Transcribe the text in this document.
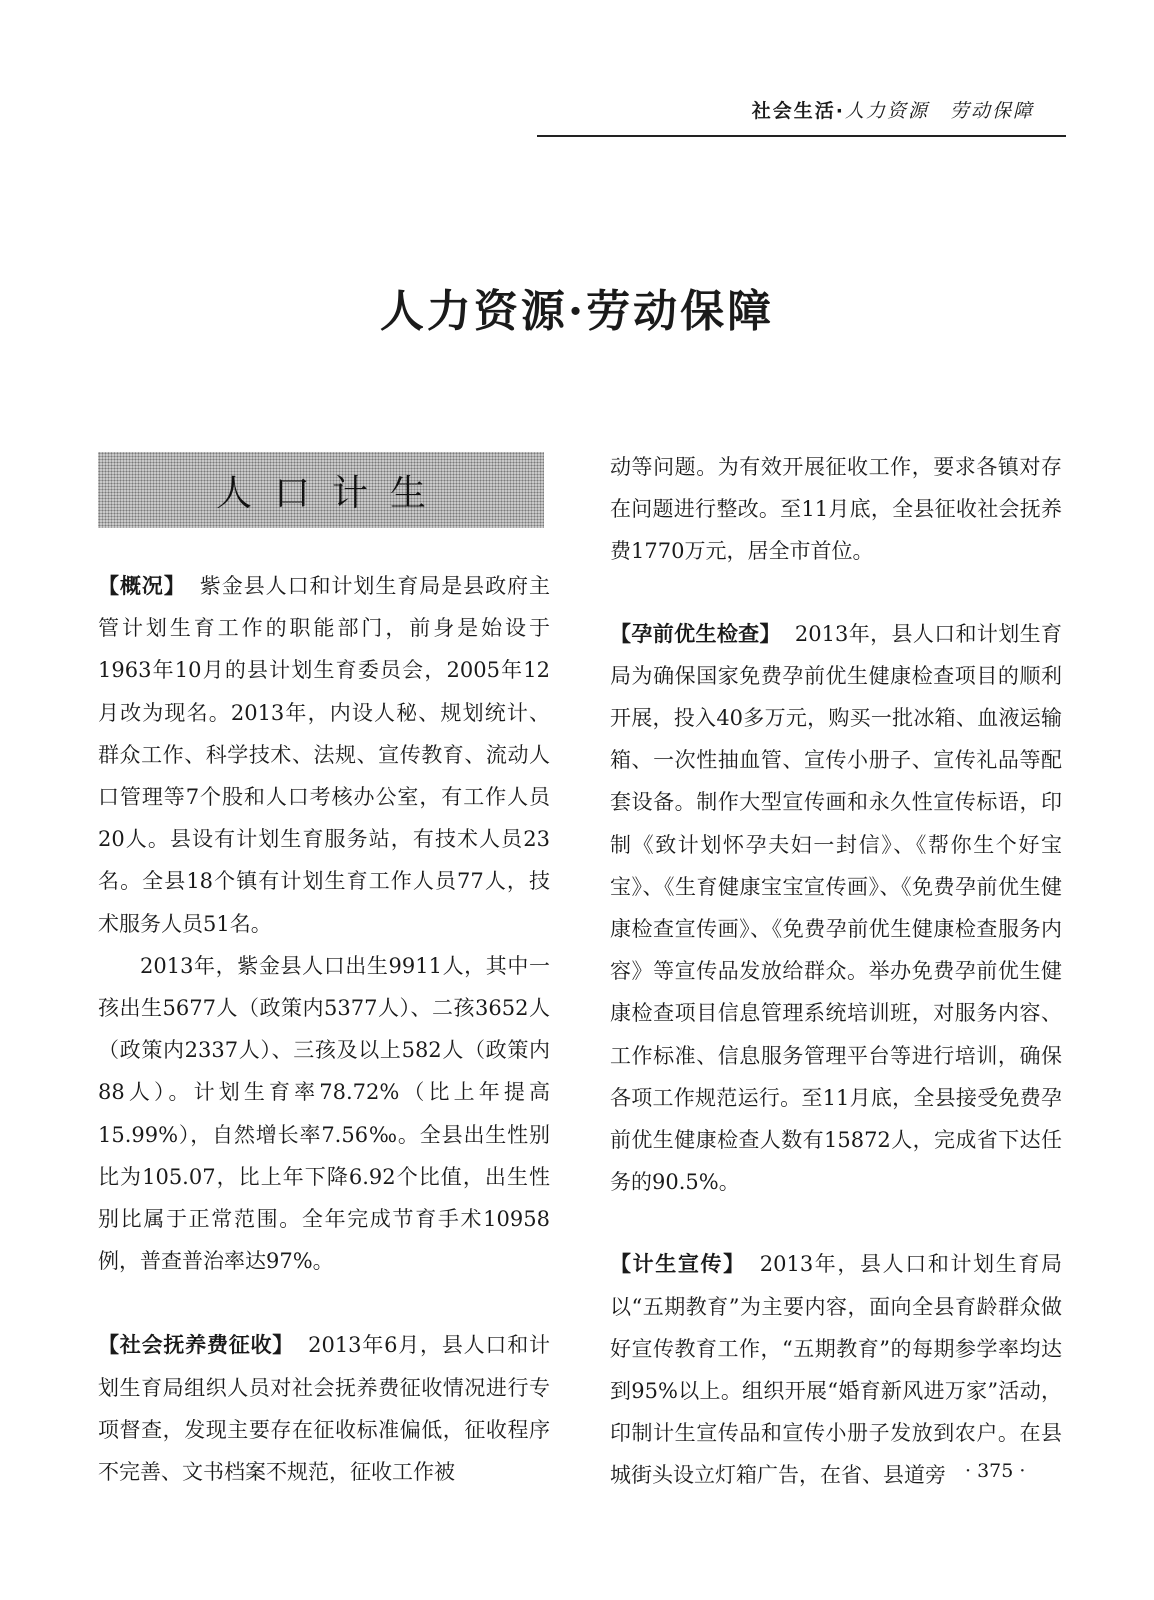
社会生活·人力资源　劳动保障
人力资源·劳动保障
人口计生

【概况】 紫金县人口和计划生育局是县政府主管计划生育工作的职能部门，前身是始设于1963年10月的县计划生育委员会，2005年12月改为现名。2013年，内设人秘、规划统计、群众工作、科学技术、法规、宣传教育、流动人口管理等7个股和人口考核办公室，有工作人员20人。县设有计划生育服务站，有技术人员23名。全县18个镇有计划生育工作人员77人，技术服务人员51名。

2013年，紫金县人口出生9911人，其中一孩出生5677人（政策内5377人）、二孩3652人（政策内2337人）、三孩及以上582人（政策内88人）。计划生育率78.72%（比上年提高15.99%），自然增长率7.56‰。全县出生性别比为105.07，比上年下降6.92个比值，出生性别比属于正常范围。全年完成节育手术10958例，普查普治率达97%。

【社会抚养费征收】 2013年6月，县人口和计划生育局组织人员对社会抚养费征收情况进行专项督查，发现主要存在征收标准偏低，征收程序不完善、文书档案不规范，征收工作被

动等问题。为有效开展征收工作，要求各镇对存在问题进行整改。至11月底，全县征收社会抚养费1770万元，居全市首位。

【孕前优生检查】 2013年，县人口和计划生育局为确保国家免费孕前优生健康检查项目的顺利开展，投入40多万元，购买一批冰箱、血液运输箱、一次性抽血管、宣传小册子、宣传礼品等配套设备。制作大型宣传画和永久性宣传标语，印制《致计划怀孕夫妇一封信》、《帮你生个好宝宝》、《生育健康宝宝宣传画》、《免费孕前优生健康检查宣传画》、《免费孕前优生健康检查服务内容》等宣传品发放给群众。举办免费孕前优生健康检查项目信息管理系统培训班，对服务内容、工作标准、信息服务管理平台等进行培训，确保各项工作规范运行。至11月底，全县接受免费孕前优生健康检查人数有15872人，完成省下达任务的90.5%。

【计生宣传】 2013年，县人口和计划生育局以“五期教育”为主要内容，面向全县育龄群众做好宣传教育工作，“五期教育”的每期参学率均达到95%以上。组织开展“婚育新风进万家”活动，印制计生宣传品和宣传小册子发放到农户。在县城街头设立灯箱广告，在省、县道旁	· 375 ·
